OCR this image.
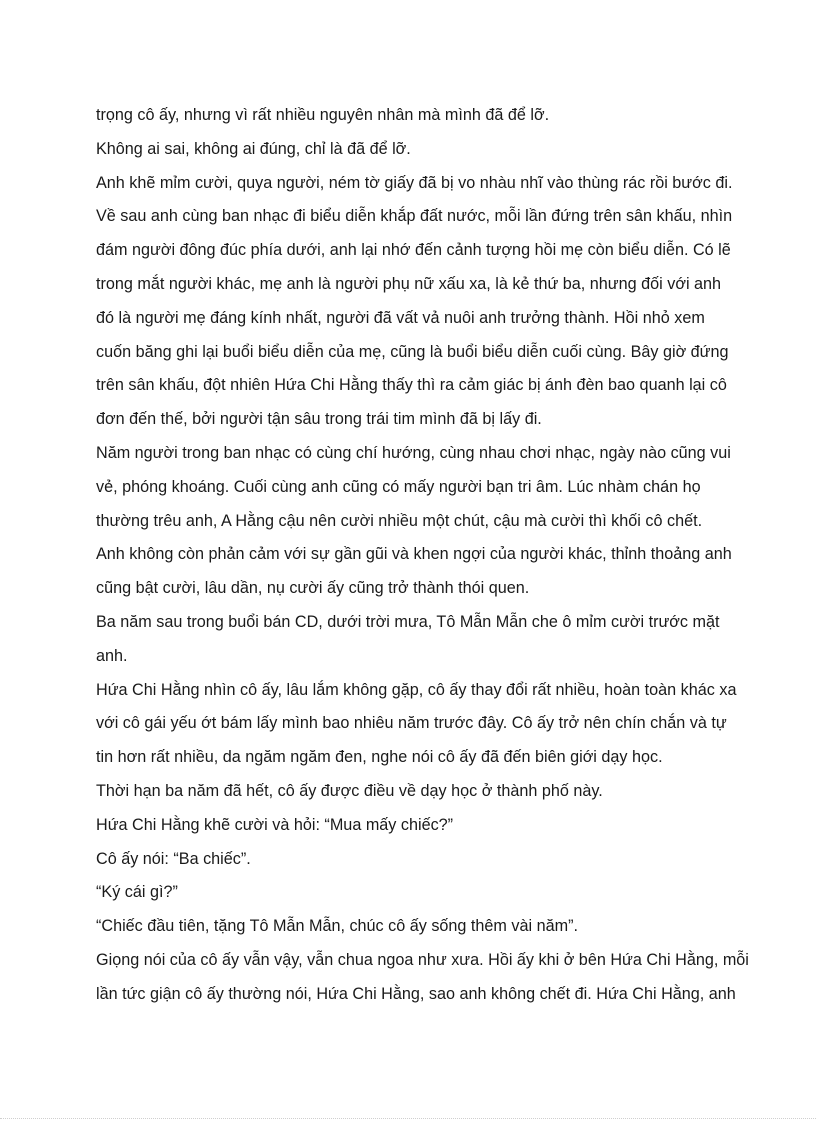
trọng cô ấy, nhưng vì rất nhiều nguyên nhân mà mình đã để lỡ.
Không ai sai, không ai đúng, chỉ là đã để lỡ.
Anh khẽ mỉm cười, quya người, ném tờ giấy đã bị vo nhàu nhĩ vào thùng rác rồi bước đi.
Về sau anh cùng ban nhạc đi biểu diễn khắp đất nước, mỗi lần đứng trên sân khấu, nhìn
đám người đông đúc phía dưới, anh lại nhớ đến cảnh tượng hồi mẹ còn biểu diễn. Có lẽ
trong mắt người khác, mẹ anh là người phụ nữ xấu xa, là kẻ thứ ba, nhưng đối với anh
đó là người mẹ đáng kính nhất, người đã vất vả nuôi anh trưởng thành. Hồi nhỏ xem
cuốn băng ghi lại buổi biểu diễn của mẹ, cũng là buổi biểu diễn cuối cùng. Bây giờ đứng
trên sân khấu, đột nhiên Hứa Chi Hằng thấy thì ra cảm giác bị ánh đèn bao quanh lại cô
đơn đến thế, bởi người tận sâu trong trái tim mình đã bị lấy đi.
Năm người trong ban nhạc có cùng chí hướng, cùng nhau chơi nhạc, ngày nào cũng vui
vẻ, phóng khoáng. Cuối cùng anh cũng có mấy người bạn tri âm. Lúc nhàm chán họ
thường trêu anh, A Hằng cậu nên cười nhiều một chút, cậu mà cười thì khối cô chết.
Anh không còn phản cảm với sự gần gũi và khen ngợi của người khác, thỉnh thoảng anh
cũng bật cười, lâu dần, nụ cười ấy cũng trở thành thói quen.
Ba năm sau trong buổi bán CD, dưới trời mưa, Tô Mẫn Mẫn che ô mỉm cười trước mặt
anh.
Hứa Chi Hằng nhìn cô ấy, lâu lắm không gặp, cô ấy thay đổi rất nhiều, hoàn toàn khác xa
với cô gái yếu ớt bám lấy mình bao nhiêu năm trước đây. Cô ấy trở nên chín chắn và tự
tin hơn rất nhiều, da ngăm ngăm đen, nghe nói cô ấy đã đến biên giới dạy học.
Thời hạn ba năm đã hết, cô ấy được điều về dạy học ở thành phố này.
Hứa Chi Hằng khẽ cười và hỏi: “Mua mấy chiếc?”
Cô ấy nói: “Ba chiếc”.
“Ký cái gì?”
“Chiếc đầu tiên, tặng Tô Mẫn Mẫn, chúc cô ấy sống thêm vài năm”.
Giọng nói của cô ấy vẫn vậy, vẫn chua ngoa như xưa. Hồi ấy khi ở bên Hứa Chi Hằng, mỗi
lần tức giận cô ấy thường nói, Hứa Chi Hằng, sao anh không chết đi. Hứa Chi Hằng, anh
